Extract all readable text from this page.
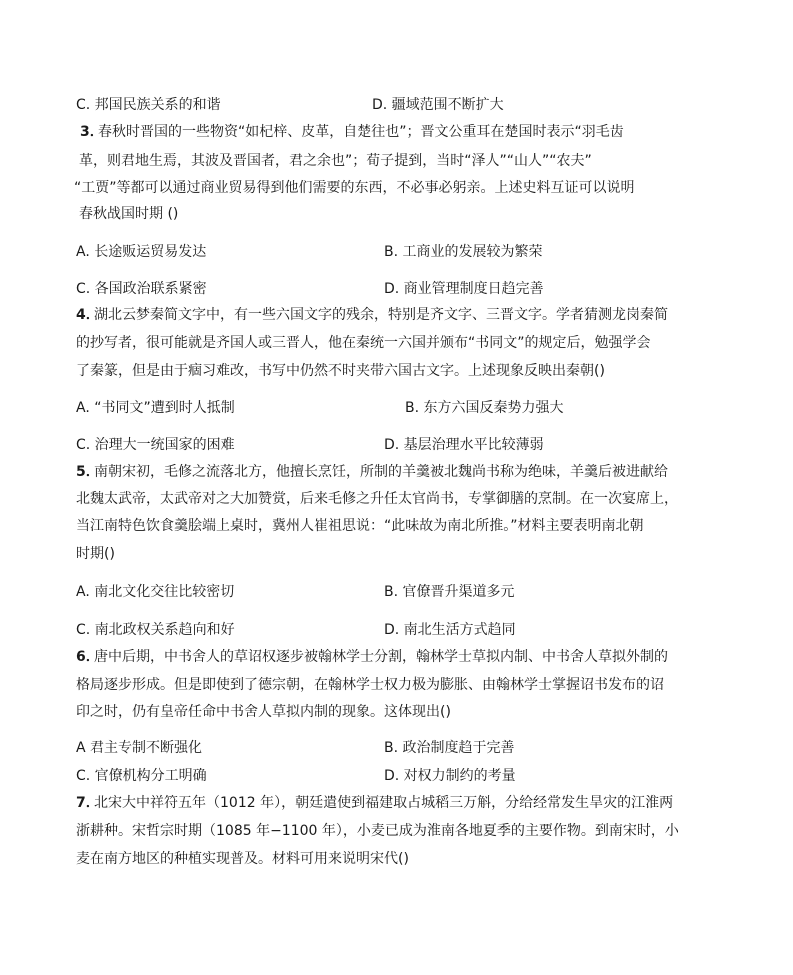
C. 邦国民族关系的和谐	D. 疆域范围不断扩大
3．
春秋时晋国的一些物资“如杞梓、皮革，自楚往也”；晋文公重耳在楚国时表示“羽毛齿
革，则君地生焉，其波及晋国者，君之余也”；荀子提到，当时“泽人”“山人”“农夫”
“工贾”等都可以通过商业贸易得到他们需要的东西，不必事必躬亲。上述史料互证可以说明
春秋战国时期 ()
A. 长途贩运贸易发达	B. 工商业的发展较为繁荣
C. 各国政治联系紧密	D. 商业管理制度日趋完善
4．
湖北云梦秦简文字中，有一些六国文字的残余，特别是齐文字、三晋文字。学者猜测龙岗秦简
的抄写者，很可能就是齐国人或三晋人，他在秦统一六国并颁布“书同文”的规定后，勉强学会
了秦篆，但是由于痼习难改，书写中仍然不时夹带六国古文字。上述现象反映出秦朝()
A. “书同文”遭到时人抵制	B. 东方六国反秦势力强大
C. 治理大一统国家的困难	D. 基层治理水平比较薄弱
5．
南朝宋初，毛修之流落北方，他擅长烹饪，所制的羊羹被北魏尚书称为绝味，羊羹后被进献给
北魏太武帝，太武帝对之大加赞赏，后来毛修之升任太官尚书，专掌御膳的烹制。在一次宴席上，
当江南特色饮食羹脍端上桌时，冀州人崔祖思说：“此味故为南北所推。”材料主要表明南北朝
时期()
A. 南北文化交往比较密切	B. 官僚晋升渠道多元
C. 南北政权关系趋向和好	D. 南北生活方式趋同
6．
唐中后期，中书舍人的草诏权逐步被翰林学士分割，翰林学士草拟内制、中书舍人草拟外制的
格局逐步形成。但是即使到了德宗朝，在翰林学士权力极为膨胀、由翰林学士掌握诏书发布的诏
印之时，仍有皇帝任命中书舍人草拟内制的现象。这体现出()
A 君主专制不断强化	B. 政治制度趋于完善
C. 官僚机构分工明确	D. 对权力制约的考量
7．
北宋大中祥符五年（1012 年），朝廷遣使到福建取占城稻三万斛，分给经常发生旱灾的江淮两
浙耕种。宋哲宗时期（1085 年−1100 年），小麦已成为淮南各地夏季的主要作物。到南宋时，小
麦在南方地区的种植实现普及。材料可用来说明宋代()
